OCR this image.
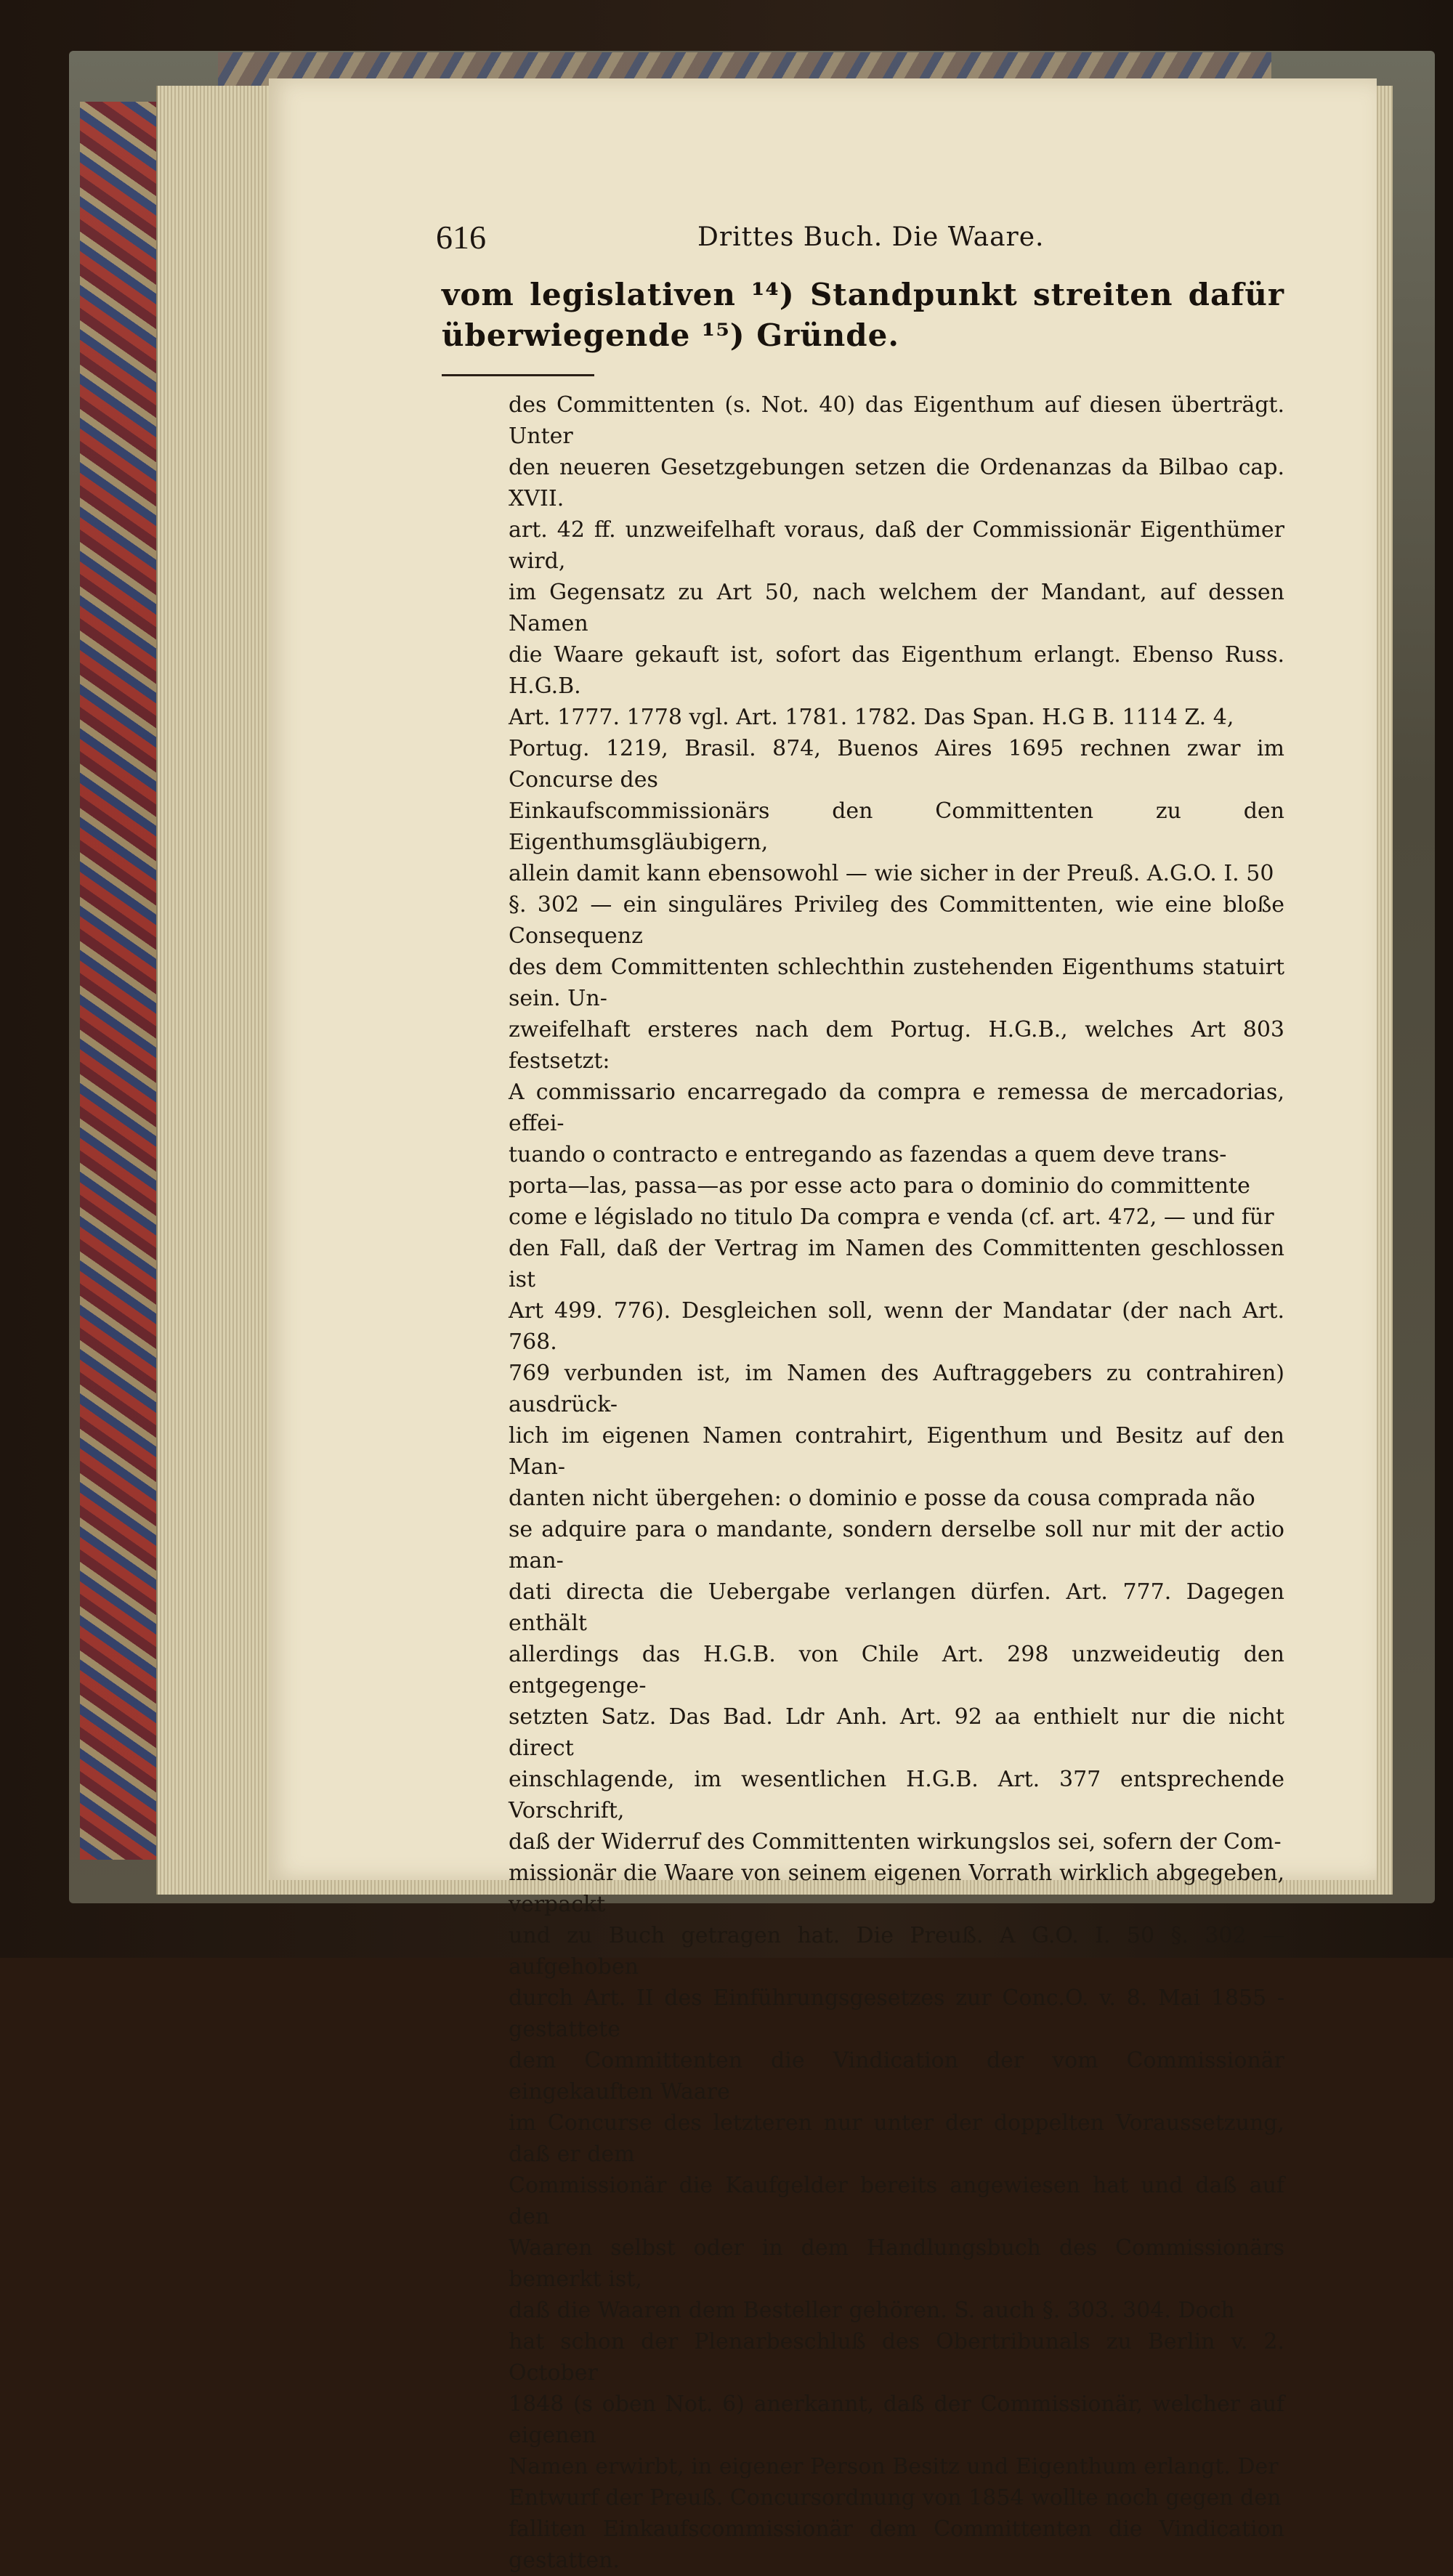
616	Drittes Buch. Die Waare.
vom legislativen ¹⁴) Standpunkt streiten dafür überwiegende ¹⁵) Gründe.

des Committenten (s. Not. 40) das Eigenthum auf diesen überträgt. Unter

den neueren Gesetzgebungen setzen die Ordenanzas da Bilbao cap. XVII.

art. 42 ff. unzweifelhaft voraus, daß der Commissionär Eigenthümer wird,

im Gegensatz zu Art 50, nach welchem der Mandant, auf dessen Namen

die Waare gekauft ist, sofort das Eigenthum erlangt. Ebenso Russ. H.G.B.

Art. 1777. 1778 vgl. Art. 1781. 1782. Das Span. H.G B. 1114 Z. 4,

Portug. 1219, Brasil. 874, Buenos Aires 1695 rechnen zwar im Concurse des

Einkaufscommissionärs den Committenten zu den Eigenthumsgläubigern,

allein damit kann ebensowohl — wie sicher in der Preuß. A.G.O. I. 50

§. 302 — ein singuläres Privileg des Committenten, wie eine bloße Consequenz

des dem Committenten schlechthin zustehenden Eigenthums statuirt sein. Un-

zweifelhaft ersteres nach dem Portug. H.G.B., welches Art 803 festsetzt:

A commissario encarregado da compra e remessa de mercadorias, effei-

tuando o contracto e entregando as fazendas a quem deve trans-

porta—las, passa—as por esse acto para o dominio do committente

come e législado no titulo Da compra e venda (cf. art. 472, — und für

den Fall, daß der Vertrag im Namen des Committenten geschlossen ist

Art 499. 776). Desgleichen soll, wenn der Mandatar (der nach Art. 768.

769 verbunden ist, im Namen des Auftraggebers zu contrahiren) ausdrück-

lich im eigenen Namen contrahirt, Eigenthum und Besitz auf den Man-

danten nicht übergehen: o dominio e posse da cousa comprada não

se adquire para o mandante, sondern derselbe soll nur mit der actio man-

dati directa die Uebergabe verlangen dürfen. Art. 777. Dagegen enthält

allerdings das H.G.B. von Chile Art. 298 unzweideutig den entgegenge-

setzten Satz. Das Bad. Ldr Anh. Art. 92 aa enthielt nur die nicht direct

einschlagende, im wesentlichen H.G.B. Art. 377 entsprechende Vorschrift,

daß der Widerruf des Committenten wirkungslos sei, sofern der Com-

missionär die Waare von seinem eigenen Vorrath wirklich abgegeben, verpackt

und zu Buch getragen hat. Die Preuß. A G.O. I. 50 §. 302 — aufgehoben

durch Art. II des Einführungsgesetzes zur Conc.O. v. 8. Mai 1855 - gestattete

dem Committenten die Vindication der vom Commissionär eingekauften Waare

im Concurse des letzteren nur unter der doppelten Voraussetzung, daß er dem

Commissionär die Kaufgelder bereits angewiesen hat und daß auf den

Waaren selbst oder in dem Handlungsbuch des Commissionärs bemerkt ist,

daß die Waaren dem Besteller gehören. S. auch §. 303. 304. Doch

hat schon der Plenarbeschluß des Obertribunals zu Berlin v. 2. October

1848 (s oben Not. 6) anerkannt, daß der Commissionär, welcher auf eigenen

Namen erwirbt, in eigener Person Besitz und Eigenthum erlangt. Der

Entwurf der Preuß. Concursordnung von 1854 wollte noch gegen den

falliten Einkaufscommissionär dem Committenten die Vindication gestatten.
